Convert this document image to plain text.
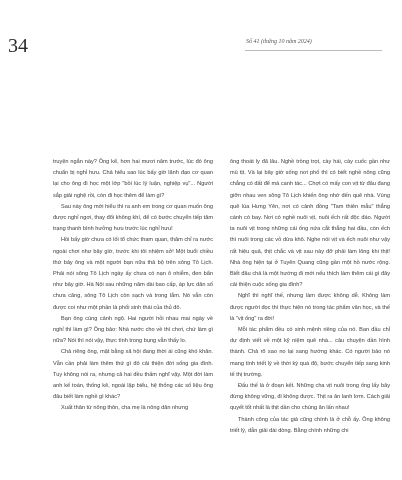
34	Số 41 (thứng 10 năm 2024)

truyện ngắn này? Ông kể, hơn hai mươi năm trước, lúc đó ông chuẩn bị nghỉ hưu. Chả hiểu sao lúc bấy giờ lãnh đạo cơ quan lại cho ông đi học một lớp "bồi lúc lý luận, nghiệp vụ"... Người sắp giải nghệ rồi, còn đi học thêm để làm gì?

Sau này ông mới hiểu thì ra anh em trong cơ quan muốn ông được nghỉ ngơi, thay đổi không khí, để có bước chuyển tiếp tâm trạng thanh bình hưởng hưu trước lúc nghỉ hưu!

Hồi bấy giờ chưa có lối tổ chức tham quan, thăm chỉ ra nước ngoài chơi như bây giờ, trước khi tôi nhiệm sở! Một buổi chiều thứ bảy ông và một người bạn nữa thả bộ trên sông Tô Lịch. Phải nói sông Tô Lịch ngày ấy chưa có nạn ô nhiễm, đen bẩn như bây giờ. Hà Nội sau những năm dài bao cấp, áp lực dân số chưa căng, sông Tô Lịch còn sạch và trong lắm. Nó vẫn còn được coi như một phần là phối sinh thái của thủ đô.

Bạn ông cùng cảnh ngộ. Hai người hỏi nhau mai ngày về nghỉ thì làm gì? Ông bảo: Nhà nước cho về thì chơi, chứ làm gì nữa? Nói thì nói vậy, thực tình trong bụng vẫn thấy lo.

Chả riêng ông, mặt bằng xã hội đang thời ái cũng khó khăn. Vẫn cần phải làm thêm thứ gì đó cải thiện đời sống gia đình. Tuy không nói ra, nhưng cả hai đều thấm nghĩ vậy. Một đời làm anh kế toán, thống kê, ngoài lập biểu, hệ thống các số liệu ông đâu biết làm nghề gì khác?

Xuất thân từ nông thôn, cha mẹ là nông dân nhưng

ông thoát ly đã lâu. Nghề trồng trọt, cày hái, cày cuốc gần như mù tịt. Và lại bây giờ sống nơi phố thì có biết nghề nông cũng chẳng có đất để mà canh tác... Chợt có mấy con vịt từ đâu đang giỡn nhau ven sông Tô Lịch khiến ông nhớ đến quê nhà. Vùng quê lúa Hưng Yên, nơi có cảnh đồng "Tam thiên mẫu" thẳng cánh cò bay. Nơi có nghề nuôi vịt, nuôi ếch rất độc đáo. Người ta nuôi vịt trong những cái ống nứa cắt thẳng hai đầu, còn ếch thì nuôi trong các vỏ dừa khô. Nghe nói vịt và ếch nuôi như vậy rất hiệu quả, thịt chắc và vịt sau này đỡ phải làm lông khi thịt! Nhà ông hiện tại ở Tuyên Quang cũng gần một hồ nước rộng. Biết đâu chả là một hướng đi mới nếu thích làm thêm cái gì đây cải thiện cuộc sống gia đình?

Nghĩ thì nghĩ thế, nhưng làm được không dễ. Không làm được người đọc thì thực hiện nó trong tác phẩm văn học, và thế là "vịt ống" ra đời!

Mỗi tác phẩm đều có sinh mệnh riêng của nó. Ban đầu chỉ dự định viết về một kỹ niệm quê nhà... câu chuyện dần hình thành. Chả rõ sao no lại sang hướng khác. Có người bảo nó mang tính triết lý về thời kỳ quá độ, bước chuyển tiếp sang kinh tế thị trường.

Đấu thế là ở đoạn kết. Những cha vịt nuôi trong ống lấy bây đừng không vững, đi không được. Thịt ra ăn lanh lơm. Cách giải quyết tốt nhất là thịt dần cho chúng ăn lấn nhau!

Thành công của tác giả cũng chính là ở chỗ ấy. Ông không triết lý, dẫn giải dài dòng. Bằng chính những chi
